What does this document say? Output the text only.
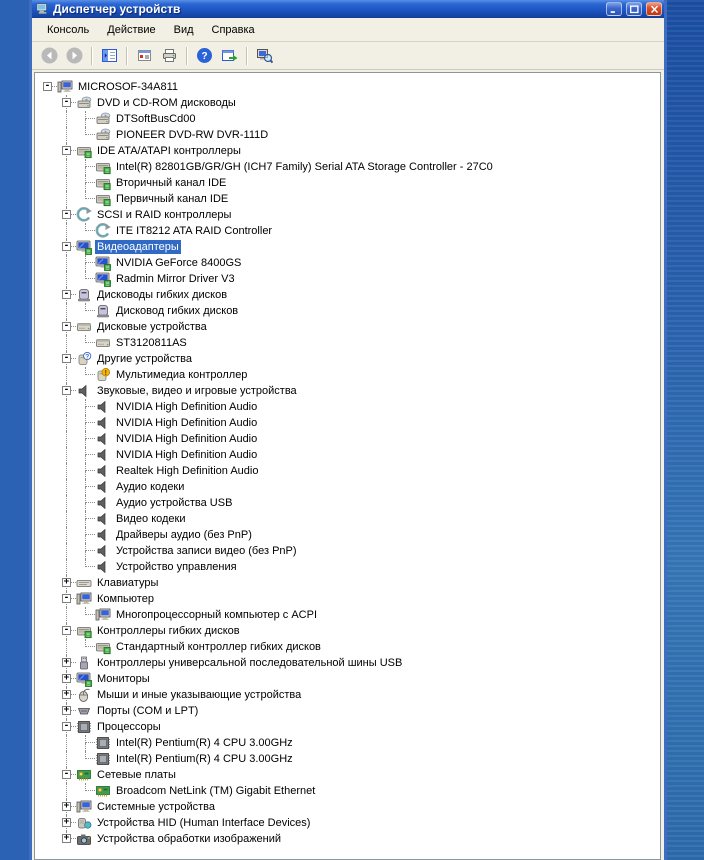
Диспетчер устройств
Консоль	Действие	Вид	Справка
?
-	MICROSOF-34A811
-	DVD и CD-ROM дисководы
DTSoftBusCd00
PIONEER DVD-RW DVR-111D
-	IDE ATA/ATAPI контроллеры
Intel(R) 82801GB/GR/GH (ICH7 Family) Serial ATA Storage Controller - 27C0
Вторичный канал IDE
Первичный канал IDE
-	SCSI и RAID контроллеры
ITE IT8212 ATA RAID Controller
-	Видеоадаптеры
NVIDIA GeForce 8400GS
Radmin Mirror Driver V3
-	Дисководы гибких дисков
Дисковод гибких дисков
-	Дисковые устройства
ST3120811AS
- ? Другие устройства
! Мультимедиа контроллер
-	Звуковые, видео и игровые устройства
NVIDIA High Definition Audio
NVIDIA High Definition Audio
NVIDIA High Definition Audio
NVIDIA High Definition Audio
Realtek High Definition Audio
Аудио кодеки
Аудио устройства USB
Видео кодеки
Драйверы аудио (без PnP)
Устройства записи видео (без PnP)
Устройство управления
+	Клавиатуры
-	Компьютер
Многопроцессорный компьютер с ACPI
-	Контроллеры гибких дисков
Стандартный контроллер гибких дисков
+	Контроллеры универсальной последовательной шины USB
+	Мониторы
+	Мыши и иные указывающие устройства
+	Порты (COM и LPT)
-	Процессоры
Intel(R) Pentium(R) 4 CPU 3.00GHz
Intel(R) Pentium(R) 4 CPU 3.00GHz
-	Сетевые платы
Broadcom NetLink (TM) Gigabit Ethernet
+	Системные устройства
+	Устройства HID (Human Interface Devices)
+	Устройства обработки изображений
